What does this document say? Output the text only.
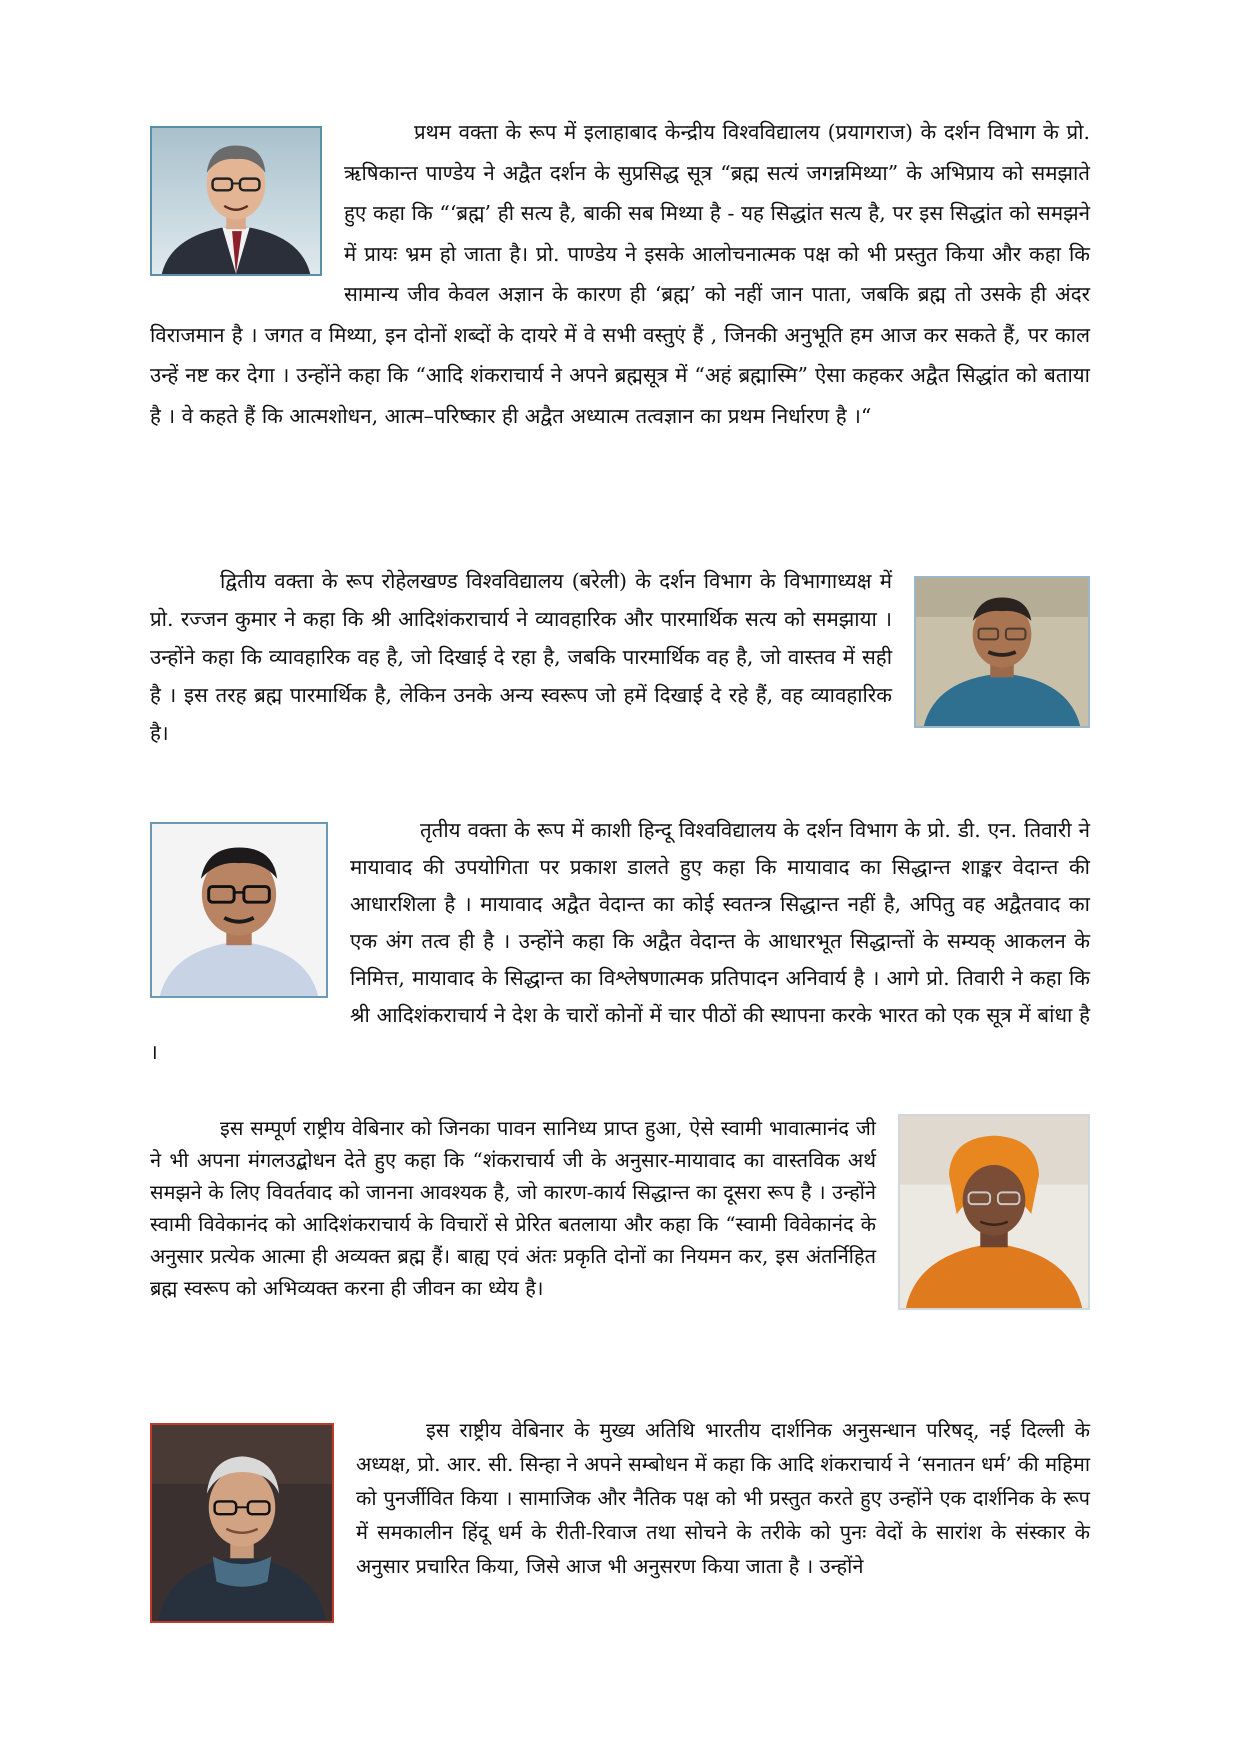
प्रथम वक्ता के रूप में इलाहाबाद केन्द्रीय विश्वविद्यालय (प्रयागराज) के दर्शन विभाग के प्रो. ऋषिकान्त पाण्डेय ने अद्वैत दर्शन के सुप्रसिद्ध सूत्र “ब्रह्म सत्यं जगन्नमिथ्या” के अभिप्राय को समझाते हुए कहा कि “‘ब्रह्म’ ही सत्य है, बाकी सब मिथ्या है - यह सिद्धांत सत्य है, पर इस सिद्धांत को समझने में प्रायः भ्रम हो जाता है। प्रो. पाण्डेय ने इसके आलोचनात्मक पक्ष को भी प्रस्तुत किया और कहा कि सामान्य जीव केवल अज्ञान के कारण ही ‘ब्रह्म’ को नहीं जान पाता, जबकि ब्रह्म तो उसके ही अंदर विराजमान है । जगत व मिथ्या, इन दोनों शब्दों के दायरे में वे सभी वस्तुएं हैं , जिनकी अनुभूति हम आज कर सकते हैं, पर काल उन्हें नष्ट कर देगा । उन्होंने कहा कि “आदि शंकराचार्य ने अपने ब्रह्मसूत्र में “अहं ब्रह्मास्मि” ऐसा कहकर अद्वैत सिद्धांत को बताया है । वे कहते हैं कि आत्मशोधन, आत्म–परिष्कार ही अद्वैत अध्यात्म तत्वज्ञान का प्रथम निर्धारण है ।“

द्वितीय वक्ता के रूप रोहेलखण्ड विश्वविद्यालय (बरेली) के दर्शन विभाग के विभागाध्यक्ष में प्रो. रज्जन कुमार ने कहा कि श्री आदिशंकराचार्य ने व्यावहारिक और पारमार्थिक सत्य को समझाया । उन्होंने कहा कि व्यावहारिक वह है, जो दिखाई दे रहा है, जबकि पारमार्थिक वह है, जो वास्तव में सही है । इस तरह ब्रह्म पारमार्थिक है, लेकिन उनके अन्य स्वरूप जो हमें दिखाई दे रहे हैं, वह व्यावहारिक है।

तृतीय वक्ता के रूप में काशी हिन्दू विश्वविद्यालय के दर्शन विभाग के प्रो. डी. एन. तिवारी ने मायावाद की उपयोगिता पर प्रकाश डालते हुए कहा कि मायावाद का सिद्धान्त शाङ्कर वेदान्त की आधारशिला है । मायावाद अद्वैत वेदान्त का कोई स्वतन्त्र सिद्धान्त नहीं है, अपितु वह अद्वैतवाद का एक अंग तत्व ही है । उन्होंने कहा कि अद्वैत वेदान्त के आधारभूत सिद्धान्तों के सम्यक् आकलन के निमित्त, मायावाद के सिद्धान्त का विश्लेषणात्मक प्रतिपादन अनिवार्य है । आगे प्रो. तिवारी ने कहा कि श्री आदिशंकराचार्य ने देश के चारों कोनों में चार पीठों की स्थापना करके भारत को एक सूत्र में बांधा है ।

इस सम्पूर्ण राष्ट्रीय वेबिनार को जिनका पावन सानिध्य प्राप्त हुआ, ऐसे स्वामी भावात्मानंद जी ने भी अपना मंगलउद्बोधन देते हुए कहा कि “शंकराचार्य जी के अनुसार-मायावाद का वास्तविक अर्थ समझने के लिए विवर्तवाद को जानना आवश्यक है, जो कारण-कार्य सिद्धान्त का दूसरा रूप है । उन्होंने स्वामी विवेकानंद को आदिशंकराचार्य के विचारों से प्रेरित बतलाया और कहा कि “स्वामी विवेकानंद के अनुसार प्रत्येक आत्मा ही अव्यक्त ब्रह्म हैं। बाह्य एवं अंतः प्रकृति दोनों का नियमन कर, इस अंतर्निहित ब्रह्म स्वरूप को अभिव्यक्त करना ही जीवन का ध्येय है।

इस राष्ट्रीय वेबिनार के मुख्य अतिथि भारतीय दार्शनिक अनुसन्धान परिषद्, नई दिल्ली के अध्यक्ष, प्रो. आर. सी. सिन्हा ने अपने सम्बोधन में कहा कि आदि शंकराचार्य ने ‘सनातन धर्म’ की महिमा को पुनर्जीवित किया । सामाजिक और नैतिक पक्ष को भी प्रस्तुत करते हुए उन्होंने एक दार्शनिक के रूप में समकालीन हिंदू धर्म के रीती-रिवाज तथा सोचने के तरीके को पुनः वेदों के सारांश के संस्कार के अनुसार प्रचारित किया, जिसे आज भी अनुसरण किया जाता है । उन्होंने
